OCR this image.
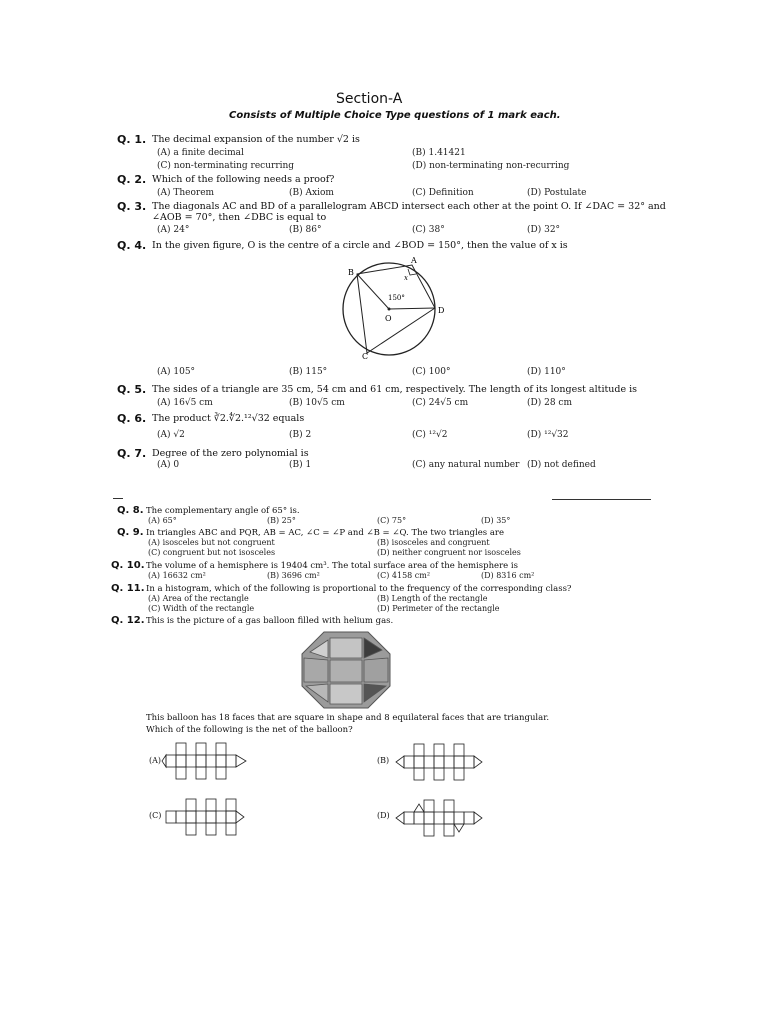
Section-A
Consists of Multiple Choice Type questions of 1 mark each.
Q. 1. The decimal expansion of the number √2 is
(A) a finite decimal	(B) 1.41421
(C) non-terminating recurring	(D) non-terminating non-recurring
Q. 2. Which of the following needs a proof?
(A) Theorem	(B) Axiom	(C) Definition	(D) Postulate
Q. 3. The diagonals AC and BD of a parallelogram ABCD intersect each other at the point O. If ∠DAC = 32° and
∠AOB = 70°, then ∠DBC is equal to
(A) 24°	(B) 86°	(C) 38°	(D) 32°
Q. 4. In the given figure, O is the centre of a circle and ∠BOD = 150°, then the value of x is
A
B
C
D
O
x
150°
(A) 105°	(B) 115°	(C) 100°	(D) 110°
Q. 5. The sides of a triangle are 35 cm, 54 cm and 61 cm, respectively. The length of its longest altitude is
(A) 16√5 cm	(B) 10√5 cm	(C) 24√5 cm	(D) 28 cm
Q. 6. The product ∛2.∜2.¹²√32 equals
(A) √2	(B) 2	(C) ¹²√2	(D) ¹²√32
Q. 7. Degree of the zero polynomial is
(A) 0	(B) 1	(C) any natural number (D) not defined
Q. 8. The complementary angle of 65° is.
(A) 65°	(B) 25°	(C) 75°	(D) 35°
Q. 9. In triangles ABC and PQR, AB = AC, ∠C = ∠P and ∠B = ∠Q. The two triangles are
(A) isosceles but not congruent	(B) isosceles and congruent
(C) congruent but not isosceles	(D) neither congruent nor isosceles
Q. 10. The volume of a hemisphere is 19404 cm³. The total surface area of the hemisphere is
(A) 16632 cm²	(B) 3696 cm²	(C) 4158 cm²	(D) 8316 cm²
Q. 11. In a histogram, which of the following is proportional to the frequency of the corresponding class?
(A) Area of the rectangle	(B) Length of the rectangle
(C) Width of the rectangle	(D) Perimeter of the rectangle
Q. 12. This is the picture of a gas balloon filled with helium gas.
This balloon has 18 faces that are square in shape and 8 equilateral faces that are triangular.
Which of the following is the net of the balloon?
(A)	(B)
(C)	(D)
